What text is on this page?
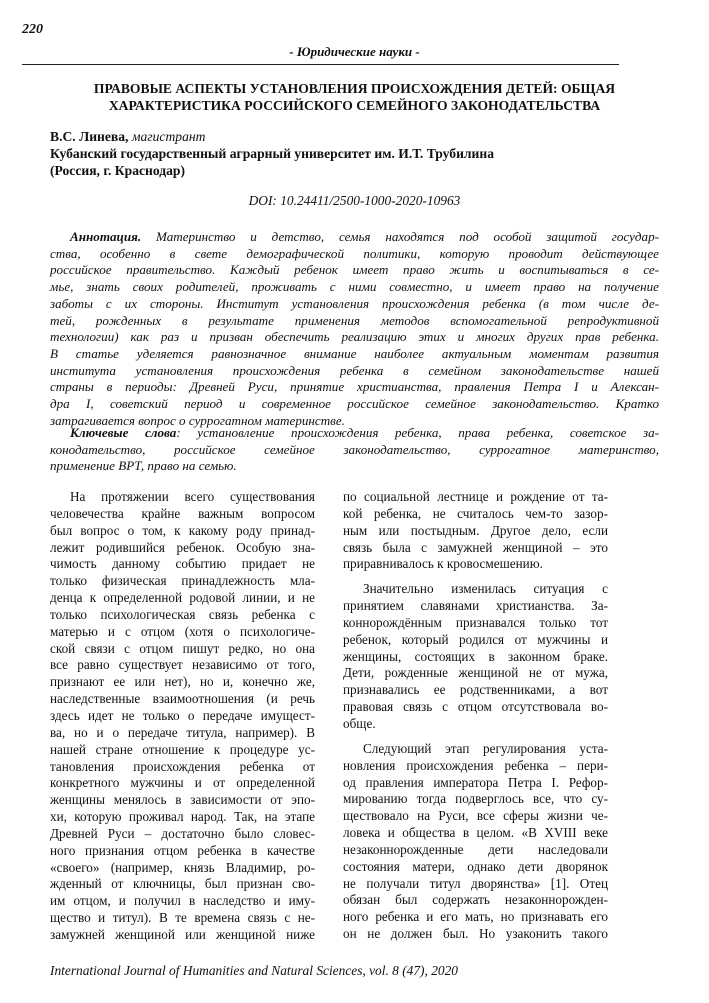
220
- Юридические науки -
ПРАВОВЫЕ АСПЕКТЫ УСТАНОВЛЕНИЯ ПРОИСХОЖДЕНИЯ ДЕТЕЙ: ОБЩАЯ
ХАРАКТЕРИСТИКА РОССИЙСКОГО СЕМЕЙНОГО ЗАКОНОДАТЕЛЬСТВА
В.С. Линева, магистрант
Кубанский государственный аграрный университет им. И.Т. Трубилина
(Россия, г. Краснодар)
DOI: 10.24411/2500-1000-2020-10963
Аннотация. Материнство и детство, семья находятся под особой защитой государ-
ства, особенно в свете демографической политики, которую проводит действующее
российское правительство. Каждый ребенок имеет право жить и воспитываться в се-
мье, знать своих родителей, проживать с ними совместно, и имеет право на получение
заботы с их стороны. Институт установления происхождения ребенка (в том числе де-
тей, рожденных в результате применения методов вспомогательной репродуктивной
технологии) как раз и призван обеспечить реализацию этих и многих других прав ребенка.
В статье уделяется равнозначное внимание наиболее актуальным моментам развития
института установления происхождения ребенка в семейном законодательстве нашей
страны в периоды: Древней Руси, принятие христианства, правления Петра I и Алексан-
дра I, советский период и современное российское семейное законодательство. Кратко
затрагивается вопрос о суррогатном материнстве.
Ключевые слова: установление происхождения ребенка, права ребенка, советское за-
конодательство, российское семейное законодательство, суррогатное материнство,
применение ВРТ, право на семью.
На протяжении всего существования
человечества крайне важным вопросом
был вопрос о том, к какому роду принад-
лежит родившийся ребенок. Особую зна-
чимость данному событию придает не
только физическая принадлежность мла-
денца к определенной родовой линии, и не
только психологическая связь ребенка с
матерью и с отцом (хотя о психологиче-
ской связи с отцом пишут редко, но она
все равно существует независимо от того,
признают ее или нет), но и, конечно же,
наследственные взаимоотношения (и речь
здесь идет не только о передаче имущест-
ва, но и о передаче титула, например). В
нашей стране отношение к процедуре ус-
тановления происхождения ребенка от
конкретного мужчины и от определенной
женщины менялось в зависимости от эпо-
хи, которую проживал народ. Так, на этапе
Древней Руси – достаточно было словес-
ного признания отцом ребенка в качестве
«своего» (например, князь Владимир, ро-
жденный от ключницы, был признан сво-
им отцом, и получил в наследство и иму-
щество и титул). В те времена связь с не-
замужней женщиной или женщиной ниже
по социальной лестнице и рождение от та-
кой ребенка, не считалось чем-то зазор-
ным или постыдным. Другое дело, если
связь была с замужней женщиной – это
приравнивалось к кровосмешению.
Значительно изменилась ситуация с
принятием славянами христианства. За-
коннорождённым признавался только тот
ребенок, который родился от мужчины и
женщины, состоящих в законном браке.
Дети, рожденные женщиной не от мужа,
признавались ее родственниками, а вот
правовая связь с отцом отсутствовала во-
обще.
Следующий этап регулирования уста-
новления происхождения ребенка – пери-
од правления императора Петра I. Рефор-
мированию тогда подверглось все, что су-
ществовало на Руси, все сферы жизни че-
ловека и общества в целом. «В XVIII веке
незаконнорожденные дети наследовали
состояния матери, однако дети дворянок
не получали титул дворянства» [1]. Отец
обязан был содержать незаконнорожден-
ного ребенка и его мать, но признавать его
он не должен был. Но узаконить такого
International Journal of Humanities and Natural Sciences, vol. 8 (47), 2020
